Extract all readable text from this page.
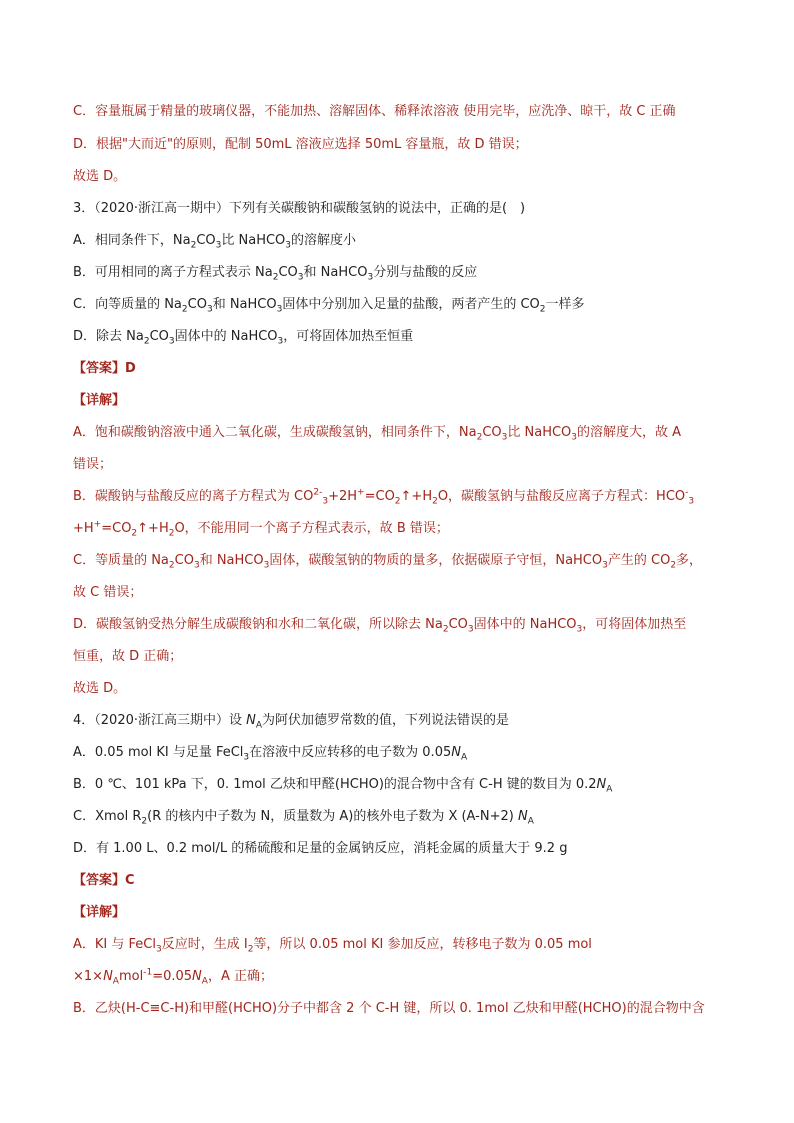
C．容量瓶属于精量的玻璃仪器，不能加热、溶解固体、稀释浓溶液 使用完毕，应洗净、晾干，故 C 正确
D．根据"大而近"的原则，配制 50mL 溶液应选择 50mL 容量瓶，故 D 错误；
故选 D。
3．（2020·浙江高一期中）下列有关碳酸钠和碳酸氢钠的说法中，正确的是(　)
A．相同条件下，$Na_2CO_3$比 NaHCO$_3$的溶解度小
B．可用相同的离子方程式表示 $Na_2CO_3$和 NaHCO$_3$分别与盐酸的反应
C．向等质量的 $Na_2CO_3$和 NaHCO$_3$固体中分别加入足量的盐酸，两者产生的 $CO_2$一样多
D．除去 $Na_2CO_3$固体中的 NaHCO$_3$，可将固体加热至恒重
【答案】D
【详解】
A．饱和碳酸钠溶液中通入二氧化碳，生成碳酸氢钠，相同条件下，$Na_2CO_3$比 NaHCO$_3$的溶解度大，故 A
错误；
B．碳酸钠与盐酸反应的离子方程式为 $CO^{2-}_3+2H^+=CO_2↑+H_2O$，碳酸氢钠与盐酸反应离子方程式：$HCO^-_3$
$+H^+=CO_2↑+H_2O$，不能用同一个离子方程式表示，故 B 错误；
C．等质量的 $Na_2CO_3$和 NaHCO$_3$固体，碳酸氢钠的物质的量多，依据碳原子守恒，NaHCO$_3$产生的 $CO_2$多，
故 C 错误；
D．碳酸氢钠受热分解生成碳酸钠和水和二氧化碳，所以除去 $Na_2CO_3$固体中的 NaHCO$_3$，可将固体加热至
恒重，故 D 正确；
故选 D。
4．（2020·浙江高三期中）设 $N_A$为阿伏加德罗常数的值，下列说法错误的是
A．0.05 mol KI 与足量 FeCl$_3$在溶液中反应转移的电子数为 $0.05N_A$
B．0 ℃、101 kPa 下，0. 1mol 乙炔和甲醛(HCHO)的混合物中含有 C-H 键的数目为 $0.2N_A$
C．Xmol $R_2(R$ 的核内中子数为 N，质量数为 A)的核外电子数为 X (A-N+2) $N_A$
D．有 1.00 L、0.2 mol/L 的稀硫酸和足量的金属钠反应，消耗金属的质量大于 9.2 g
【答案】C
【详解】
A．KI 与 FeCl$_3$反应时，生成 $I_2$等，所以 0.05 mol KI 参加反应，转移电子数为 0.05 mol
$\times 1\times N_Amol^{-1}=0.05N_A$，A 正确；
B．乙炔(H-C≡C-H)和甲醛(HCHO)分子中都含 2 个 C-H 键，所以 0. 1mol 乙炔和甲醛(HCHO)的混合物中含
